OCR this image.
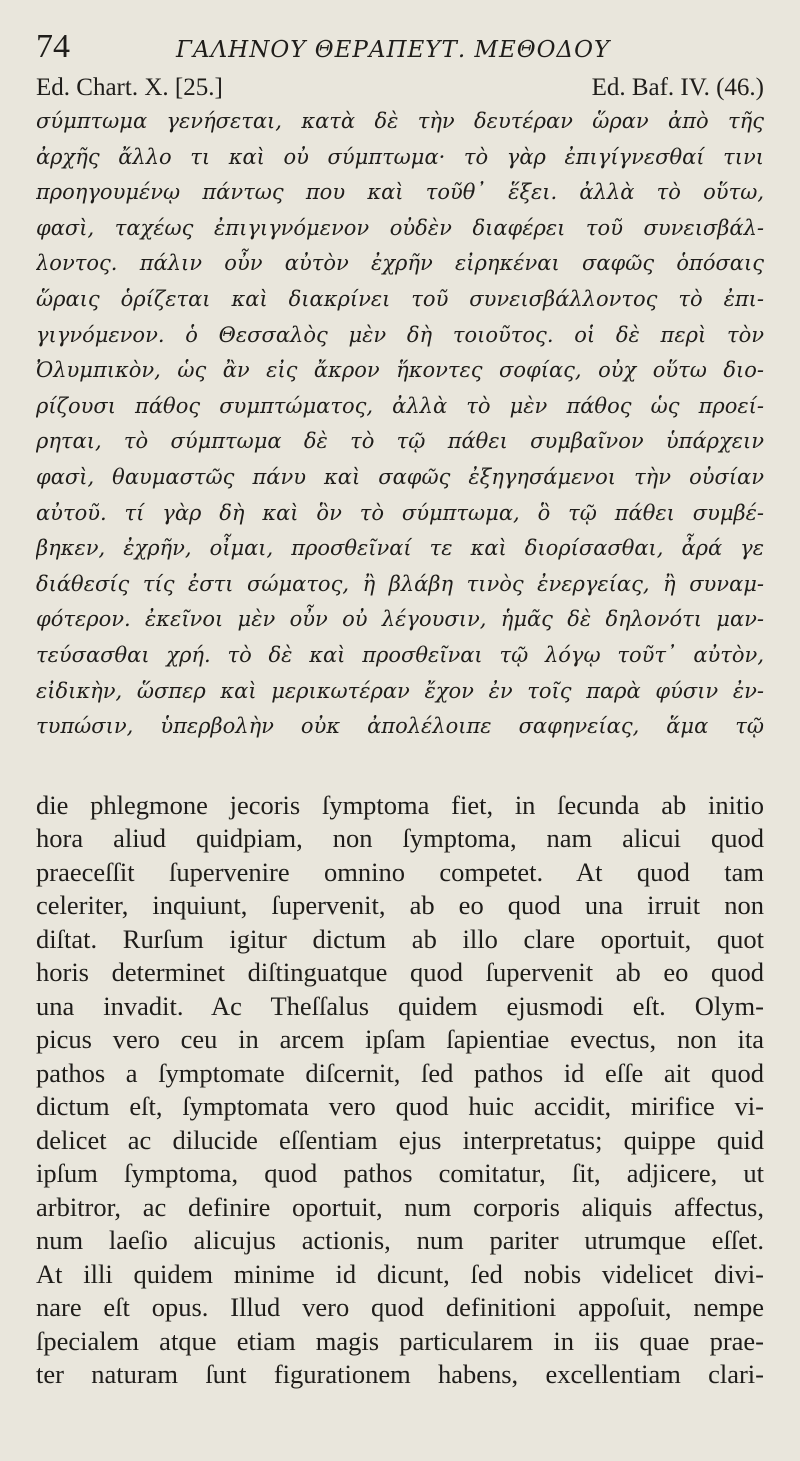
74	ΓΑΛΗΝΟΥ ΘΕΡΑΠΕΥΤ. ΜΕΘΟΔΟΥ
Ed. Chart. X. [25.]	Ed. Baf. IV. (46.)
σύμπτωμα γενήσεται, κατὰ δὲ τὴν δευτέραν ὥραν ἀπὸ τῆς
ἀρχῆς ἄλλο τι καὶ οὐ σύμπτωμα· τὸ γὰρ ἐπιγίγνεσθαί τινι
προηγουμένῳ πάντως που καὶ τοῦθ᾽ ἕξει. ἀλλὰ τὸ οὕτω,
φασὶ, ταχέως ἐπιγιγνόμενον οὐδὲν διαφέρει τοῦ συνεισβάλ-
λοντος. πάλιν οὖν αὐτὸν ἐχρῆν εἰρηκέναι σαφῶς ὁπόσαις
ὥραις ὁρίζεται καὶ διακρίνει τοῦ συνεισβάλλοντος τὸ ἐπι-
γιγνόμενον. ὁ Θεσσαλὸς μὲν δὴ τοιοῦτος. οἱ δὲ περὶ τὸν
Ὀλυμπικὸν, ὡς ἂν εἰς ἄκρον ἥκοντες σοφίας, οὐχ οὕτω διο-
ρίζουσι πάθος συμπτώματος, ἀλλὰ τὸ μὲν πάθος ὡς προεί-
ρηται, τὸ σύμπτωμα δὲ τὸ τῷ πάθει συμβαῖνον ὑπάρχειν
φασὶ, θαυμαστῶς πάνυ καὶ σαφῶς ἐξηγησάμενοι τὴν οὐσίαν
αὐτοῦ. τί γὰρ δὴ καὶ ὃν τὸ σύμπτωμα, ὃ τῷ πάθει συμβέ-
βηκεν, ἐχρῆν, οἶμαι, προσθεῖναί τε καὶ διορίσασθαι, ἆρά γε
διάθεσίς τίς ἐστι σώματος, ἢ βλάβη τινὸς ἐνεργείας, ἢ συναμ-
φότερον. ἐκεῖνοι μὲν οὖν οὐ λέγουσιν, ἡμᾶς δὲ δηλονότι μαν-
τεύσασθαι χρή. τὸ δὲ καὶ προσθεῖναι τῷ λόγῳ τοῦτ᾽ αὐτὸν,
εἰδικὴν, ὥσπερ καὶ μερικωτέραν ἔχον ἐν τοῖς παρὰ φύσιν ἐν-
τυπώσιν, ὑπερβολὴν οὐκ ἀπολέλοιπε σαφηνείας, ἅμα τῷ
die phlegmone jecoris ſymptoma fiet, in ſecunda ab initio
hora aliud quidpiam, non ſymptoma, nam alicui quod
praeceſſit ſupervenire omnino competet. At quod tam
celeriter, inquiunt, ſupervenit, ab eo quod una irruit non
diſtat. Rurſum igitur dictum ab illo clare oportuit, quot
horis determinet diſtinguatque quod ſupervenit ab eo quod
una invadit. Ac Theſſalus quidem ejusmodi eſt. Olym-
picus vero ceu in arcem ipſam ſapientiae evectus, non ita
pathos a ſymptomate diſcernit, ſed pathos id eſſe ait quod
dictum eſt, ſymptomata vero quod huic accidit, mirifice vi-
delicet ac dilucide eſſentiam ejus interpretatus; quippe quid
ipſum ſymptoma, quod pathos comitatur, ſit, adjicere, ut
arbitror, ac definire oportuit, num corporis aliquis affectus,
num laeſio alicujus actionis, num pariter utrumque eſſet.
At illi quidem minime id dicunt, ſed nobis videlicet divi-
nare eſt opus. Illud vero quod definitioni appoſuit, nempe
ſpecialem atque etiam magis particularem in iis quae prae-
ter naturam ſunt figurationem habens, excellentiam clari-
